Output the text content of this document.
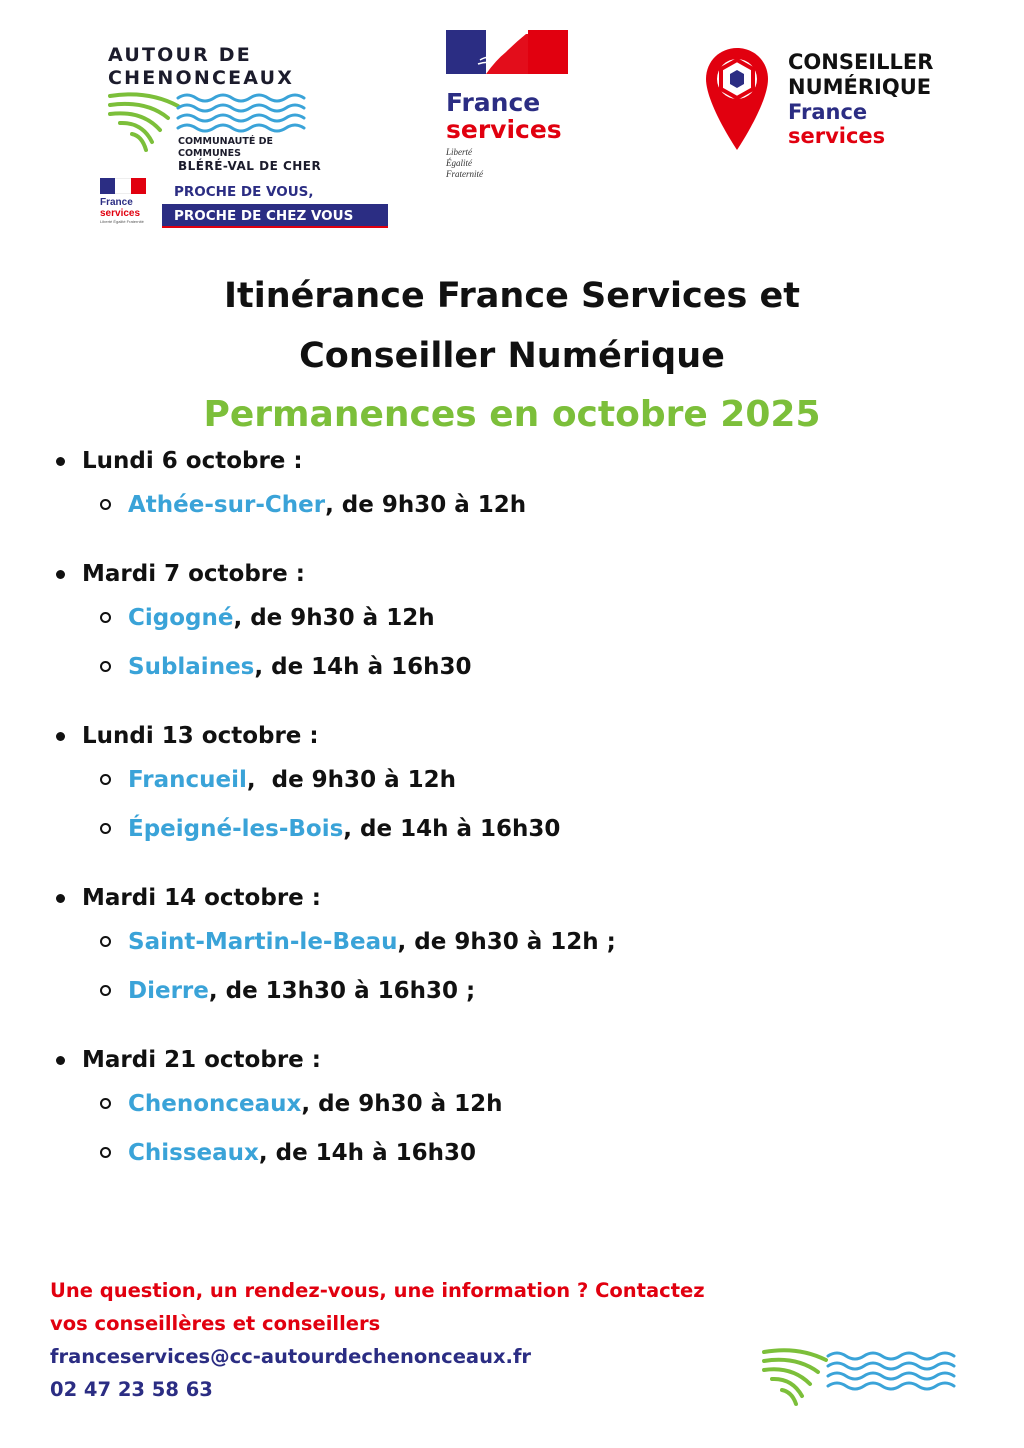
AUTOUR DE
CHENONCEAUX
COMMUNAUTÉ DE COMMUNES
BLÉRÉ-VAL DE CHER
France
services
Liberté Égalité Fraternité
PROCHE DE VOUS,
PROCHE DE CHEZ VOUS
France
services
Liberté
Égalité
Fraternité
CONSEILLER
NUMÉRIQUE
France
services
Itinérance France Services et
Conseiller Numérique
Permanences en octobre 2025
Lundi 6 octobre :
Athée-sur-Cher , de 9h30 à 12h
Mardi 7 octobre :
Cigogné , de 9h30 à 12h
Sublaines , de 14h à 16h30
Lundi 13 octobre :
Francueil ,  de 9h30 à 12h
Épeigné-les-Bois , de 14h à 16h30
Mardi 14 octobre :
Saint-Martin-le-Beau , de 9h30 à 12h ;
Dierre , de 13h30 à 16h30 ;
Mardi 21 octobre :
Chenonceaux , de 9h30 à 12h
Chisseaux , de 14h à 16h30
Une question, un rendez-vous, une information ? Contactez
vos conseillères et conseillers
franceservices@cc-autourdechenonceaux.fr
02 47 23 58 63
